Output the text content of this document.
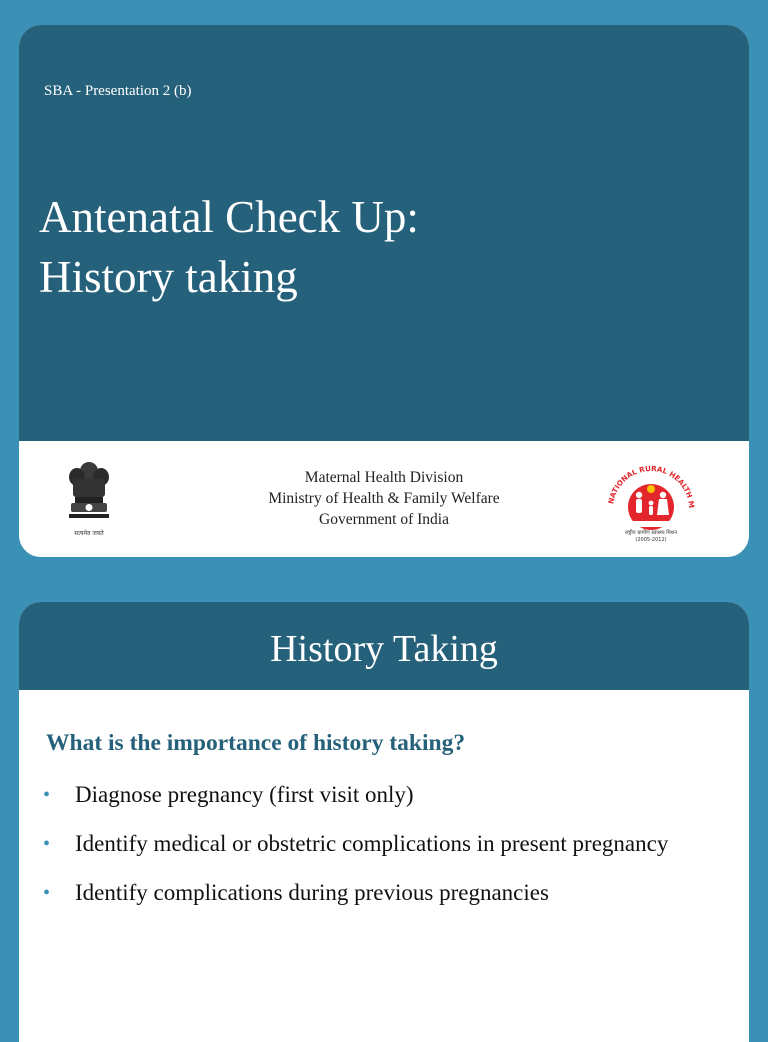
SBA - Presentation 2 (b)
Antenatal Check Up:
History taking
सत्यमेव जयते
Maternal Health Division
Ministry of Health & Family Welfare
Government of India
NATIONAL RURAL HEALTH M
राष्ट्रीय ग्रामीण स्वास्थ्य मिशन
(2005-2012)
History Taking
What is the importance of history taking?
• Diagnose pregnancy (first visit only)
• Identify medical or obstetric complications in present pregnancy
• Identify complications during previous pregnancies
